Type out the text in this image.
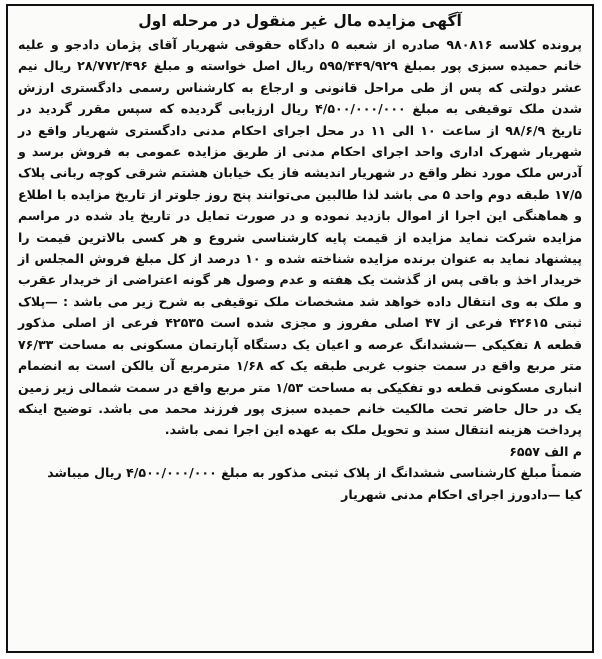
آگهی مزایده مال غیر منقول در مرحله اول

پرونده کلاسه ۹۸۰۸۱۶ صادره از شعبه ۵ دادگاه حقوقی شهریار آقای پژمان دادجو و علیه خانم حمیده سبزی پور بمبلغ ۵۹۵/۴۴۹/۹۲۹ ریال اصل خواسته و مبلغ ۲۸/۷۷۲/۴۹۶ ریال نیم عشر دولتی که پس از طی مراحل قانونی و ارجاع به کارشناس رسمی دادگستری ارزش شدن ملک توقیفی به مبلغ ۴/۵۰۰/۰۰۰/۰۰۰ ریال ارزیابی گردیده که سپس مقرر گردید در تاریخ ۹۸/۶/۹ از ساعت ۱۰ الی ۱۱ در محل اجرای احکام مدنی دادگستری شهریار واقع در شهریار شهرک اداری واحد اجرای احکام مدنی از طریق مزایده عمومی به فروش برسد و آدرس ملک مورد نظر واقع در شهریار اندیشه فاز یک خیابان هشتم شرقی کوچه ربانی پلاک ۱۷/۵ طبقه دوم واحد ۵ می باشد لذا طالبین می‌توانند پنج روز جلوتر از تاریخ مزایده با اطلاع و هماهنگی این اجرا از اموال بازدید نموده و در صورت تمایل در تاریخ یاد شده در مراسم مزایده شرکت نماید مزایده از قیمت پایه کارشناسی شروع و هر کسی بالاترین قیمت را پیشنهاد نماید به عنوان برنده مزایده شناخته شده و ۱۰ درصد از کل مبلغ فروش المجلس از خریدار اخذ و باقی پس از گذشت یک هفته و عدم وصول هر گونه اعتراضی از خریدار عقرب و ملک به وی انتقال داده خواهد شد مشخصات ملک توقیفی به شرح زیر می باشد : —پلاک ثبتی ۴۲۶۱۵ فرعی از ۴۷ اصلی مفروز و مجزی شده است ۴۲۵۳۵ فرعی از اصلی مذکور قطعه ۸ تفکیکی —ششدانگ عرصه و اعیان یک دستگاه آپارتمان مسکونی به مساحت ۷۶/۳۳ متر مربع واقع در سمت جنوب غربی طبقه یک که ۱/۶۸ مترمربع آن بالکن است به انضمام انباری مسکونی قطعه دو تفکیکی به مساحت ۱/۵۳ متر مربع واقع در سمت شمالی زیر زمین یک در حال حاضر تحت مالکیت خانم حمیده سبزی پور فرزند محمد می باشد. توضیح اینکه پرداخت هزینه انتقال سند و تحویل ملک به عهده این اجرا نمی باشد.

م الف ۶۵۵۷

ضمناً مبلغ کارشناسی ششدانگ از پلاک ثبتی مذکور به مبلغ ۴/۵۰۰/۰۰۰/۰۰۰ ریال میباشد

کیا —دادورز اجرای احکام مدنی شهریار
